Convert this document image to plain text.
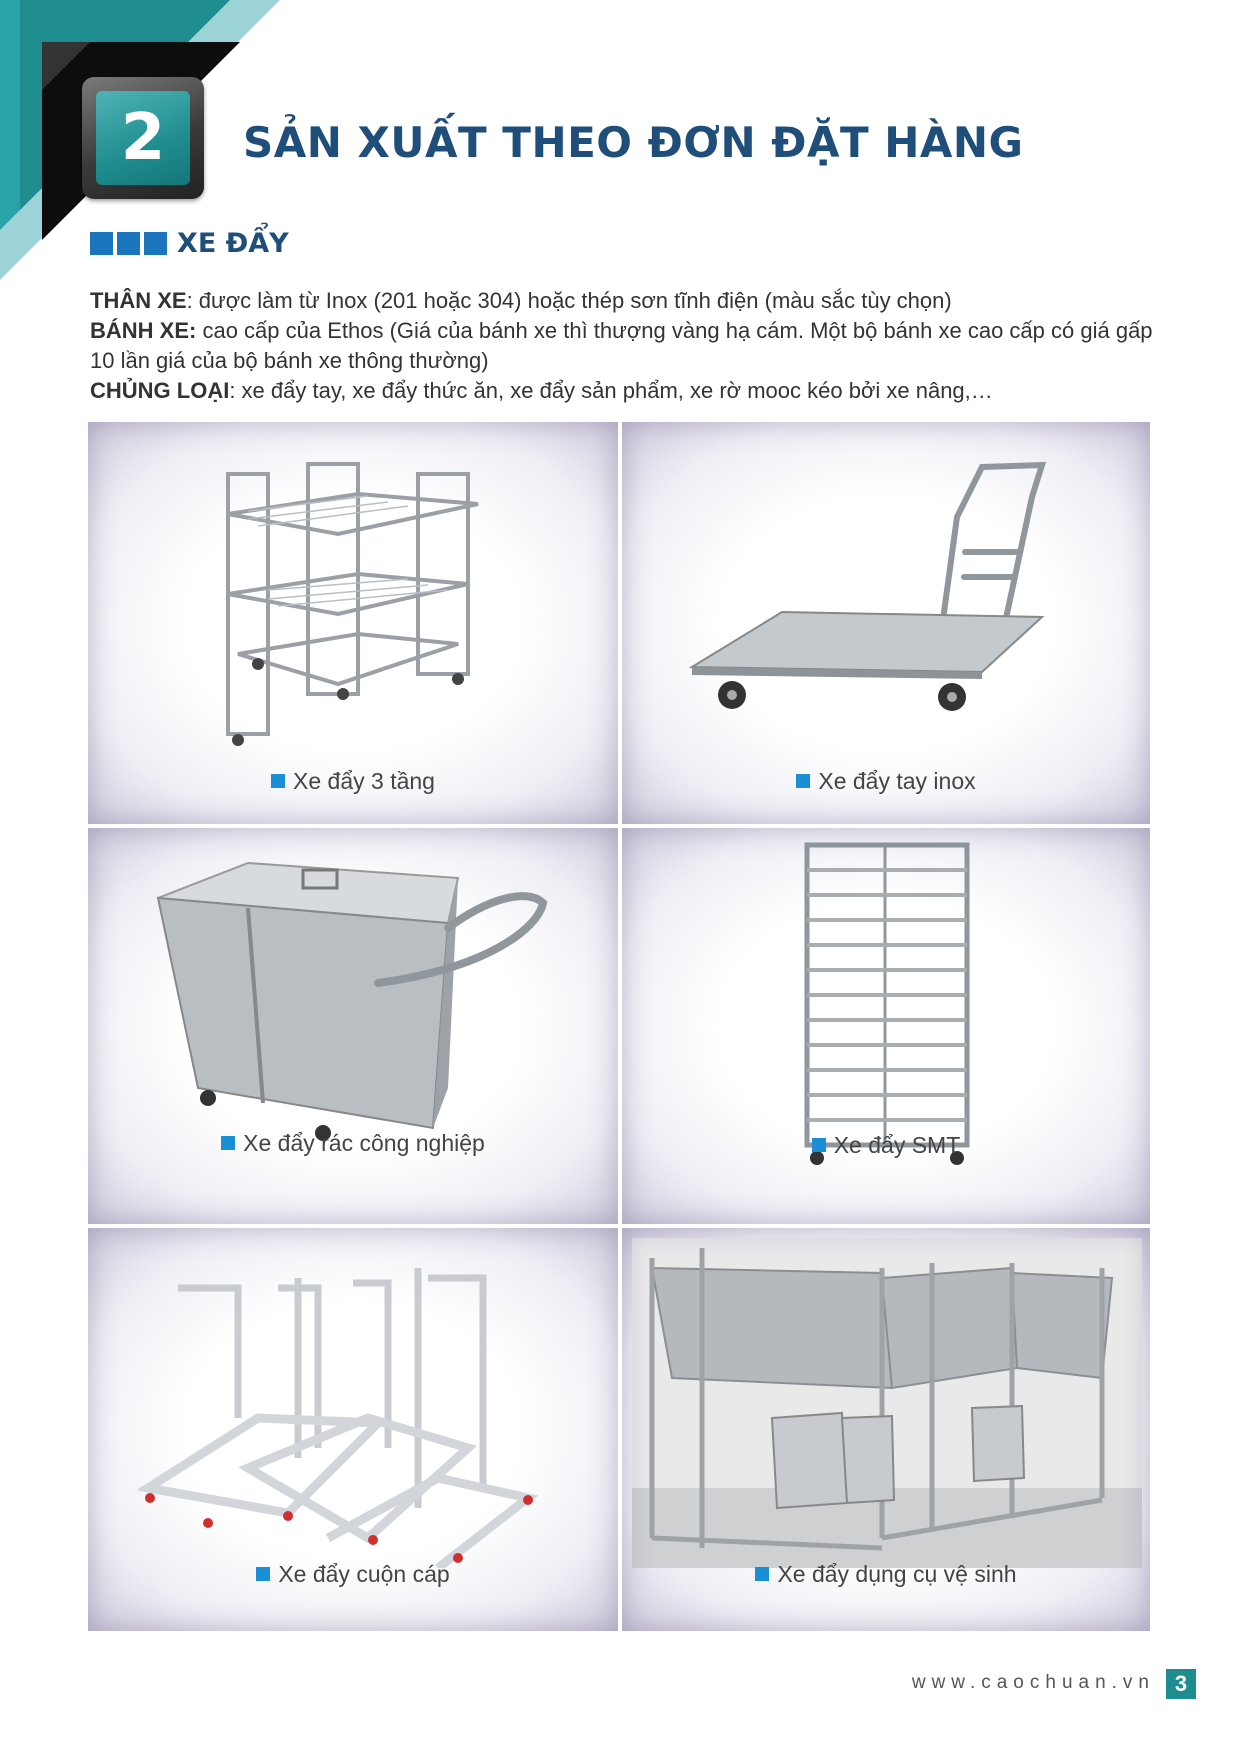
2	SẢN XUẤT THEO ĐƠN ĐẶT HÀNG
XE ĐẨY
THÂN XE: được làm từ Inox (201 hoặc 304) hoặc thép sơn tĩnh điện (màu sắc tùy chọn)
BÁNH XE: cao cấp của Ethos (Giá của bánh xe thì thượng vàng hạ cám. Một bộ bánh xe cao cấp có giá gấp 10 lần giá của bộ bánh xe thông thường)
CHỦNG LOẠI: xe đẩy tay, xe đẩy thức ăn, xe đẩy sản phẩm, xe rờ mooc kéo bởi xe nâng,…
Xe đẩy 3 tầng	Xe đẩy tay inox
Xe đẩy rác công nghiệp	Xe đẩy SMT
Xe đẩy cuộn cáp	Xe đẩy dụng cụ vệ sinh
www.caochuan.vn 3
